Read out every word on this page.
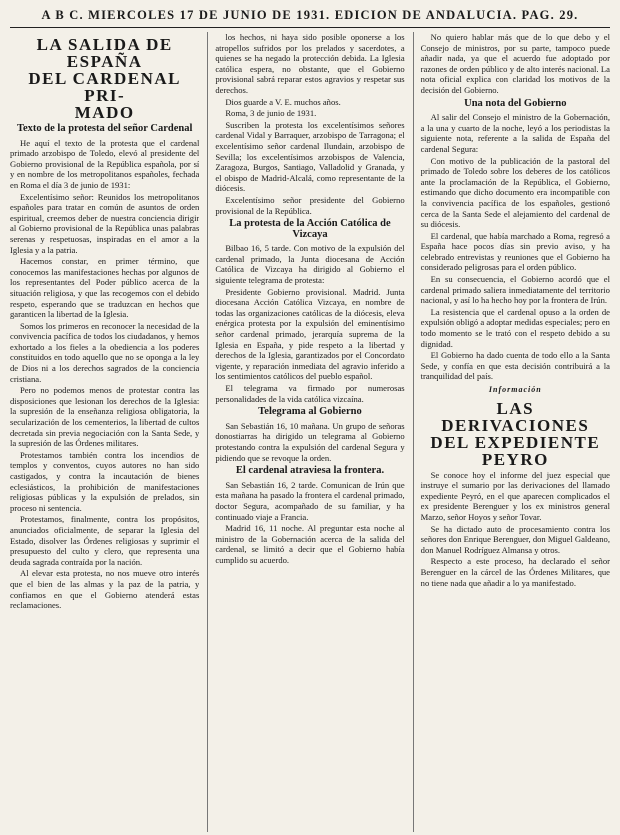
A B C. MIERCOLES 17 DE JUNIO DE 1931. EDICION DE ANDALUCIA. PAG. 29.
LA SALIDA DE ESPAÑA
DEL CARDENAL PRI-
MADO
Texto de la protesta del señor Cardenal

He aquí el texto de la protesta que el cardenal primado arzobispo de Toledo, elevó al presidente del Gobierno provisional de la República española, por sí y en nombre de los metropolitanos españoles, fechada en Roma el día 3 de junio de 1931:

Excelentísimo señor: Reunidos los metropolitanos españoles para tratar en común de asuntos de orden espiritual, creemos deber de nuestra conciencia dirigir al Gobierno provisional de la República unas palabras serenas y respetuosas, inspiradas en el amor a la Iglesia y a la patria.

Hacemos constar, en primer término, que conocemos las manifestaciones hechas por algunos de los representantes del Poder público acerca de la situación religiosa, y que las recogemos con el debido respeto, esperando que se traduzcan en hechos que garanticen la libertad de la Iglesia.

Somos los primeros en reconocer la necesidad de la convivencia pacífica de todos los ciudadanos, y hemos exhortado a los fieles a la obediencia a los poderes constituidos en todo aquello que no se oponga a la ley de Dios ni a los derechos sagrados de la conciencia cristiana.

Pero no podemos menos de protestar contra las disposiciones que lesionan los derechos de la Iglesia: la supresión de la enseñanza religiosa obligatoria, la secularización de los cementerios, la libertad de cultos decretada sin previa negociación con la Santa Sede, y la supresión de las Órdenes militares.

Protestamos también contra los incendios de templos y conventos, cuyos autores no han sido castigados, y contra la incautación de bienes eclesiásticos, la prohibición de manifestaciones religiosas públicas y la expulsión de prelados, sin proceso ni sentencia.

Protestamos, finalmente, contra los propósitos, anunciados oficialmente, de separar la Iglesia del Estado, disolver las Órdenes religiosas y suprimir el presupuesto del culto y clero, que representa una deuda sagrada contraída por la nación.

Al elevar esta protesta, no nos mueve otro interés que el bien de las almas y la paz de la patria, y confiamos en que el Gobierno atenderá estas reclamaciones.

los hechos, ni haya sido posible oponerse a los atropellos sufridos por los prelados y sacerdotes, a quienes se ha negado la protección debida. La Iglesia católica espera, no obstante, que el Gobierno provisional sabrá reparar estos agravios y respetar sus derechos.

Dios guarde a V. E. muchos años.

Roma, 3 de junio de 1931.

Suscriben la protesta los excelentísimos señores cardenal Vidal y Barraquer, arzobispo de Tarragona; el excelentísimo señor cardenal Ilundain, arzobispo de Sevilla; los excelentísimos arzobispos de Valencia, Zaragoza, Burgos, Santiago, Valladolid y Granada, y el obispo de Madrid-Alcalá, como representante de la diócesis.

Excelentísimo señor presidente del Gobierno provisional de la República.

La protesta de la Acción Católica de Vizcaya

Bilbao 16, 5 tarde. Con motivo de la expulsión del cardenal primado, la Junta diocesana de Acción Católica de Vizcaya ha dirigido al Gobierno el siguiente telegrama de protesta:

Presidente Gobierno provisional. Madrid. Junta diocesana Acción Católica Vizcaya, en nombre de todas las organizaciones católicas de la diócesis, eleva enérgica protesta por la expulsión del eminentísimo señor cardenal primado, jerarquía suprema de la Iglesia en España, y pide respeto a la libertad y derechos de la Iglesia, garantizados por el Concordato vigente, y reparación inmediata del agravio inferido a los sentimientos católicos del pueblo español.

El telegrama va firmado por numerosas personalidades de la vida católica vizcaína.

Telegrama al Gobierno

San Sebastián 16, 10 mañana. Un grupo de señoras donostiarras ha dirigido un telegrama al Gobierno protestando contra la expulsión del cardenal Segura y pidiendo que se revoque la orden.

El cardenal atraviesa la frontera.

San Sebastián 16, 2 tarde. Comunican de Irún que esta mañana ha pasado la frontera el cardenal primado, doctor Segura, acompañado de su familiar, y ha continuado viaje a Francia.

Madrid 16, 11 noche. Al preguntar esta noche al ministro de la Gobernación acerca de la salida del cardenal, se limitó a decir que el Gobierno había cumplido su acuerdo.

No quiero hablar más que de lo que debo y el Consejo de ministros, por su parte, tampoco puede añadir nada, ya que el acuerdo fue adoptado por razones de orden público y de alto interés nacional. La nota oficial explica con claridad los motivos de la decisión del Gobierno.

Una nota del Gobierno

Al salir del Consejo el ministro de la Gobernación, a la una y cuarto de la noche, leyó a los periodistas la siguiente nota, referente a la salida de España del cardenal Segura:

Con motivo de la publicación de la pastoral del primado de Toledo sobre los deberes de los católicos ante la proclamación de la República, el Gobierno, estimando que dicho documento era incompatible con la convivencia pacífica de los españoles, gestionó cerca de la Santa Sede el alejamiento del cardenal de su diócesis.

El cardenal, que había marchado a Roma, regresó a España hace pocos días sin previo aviso, y ha celebrado entrevistas y reuniones que el Gobierno ha considerado peligrosas para el orden público.

En su consecuencia, el Gobierno acordó que el cardenal primado saliera inmediatamente del territorio nacional, y así lo ha hecho hoy por la frontera de Irún.

La resistencia que el cardenal opuso a la orden de expulsión obligó a adoptar medidas especiales; pero en todo momento se le trató con el respeto debido a su dignidad.

El Gobierno ha dado cuenta de todo ello a la Santa Sede, y confía en que esta decisión contribuirá a la tranquilidad del país.

Información
LAS DERIVACIONES
DEL EXPEDIENTE
PEYRO

Se conoce hoy el informe del juez especial que instruye el sumario por las derivaciones del llamado expediente Peyró, en el que aparecen complicados el ex presidente Berenguer y los ex ministros general Marzo, señor Hoyos y señor Tovar.

Se ha dictado auto de procesamiento contra los señores don Enrique Berenguer, don Miguel Galdeano, don Manuel Rodríguez Almansa y otros.

Respecto a este proceso, ha declarado el señor Berenguer en la cárcel de las Órdenes Militares, que no tiene nada que añadir a lo ya manifestado.
